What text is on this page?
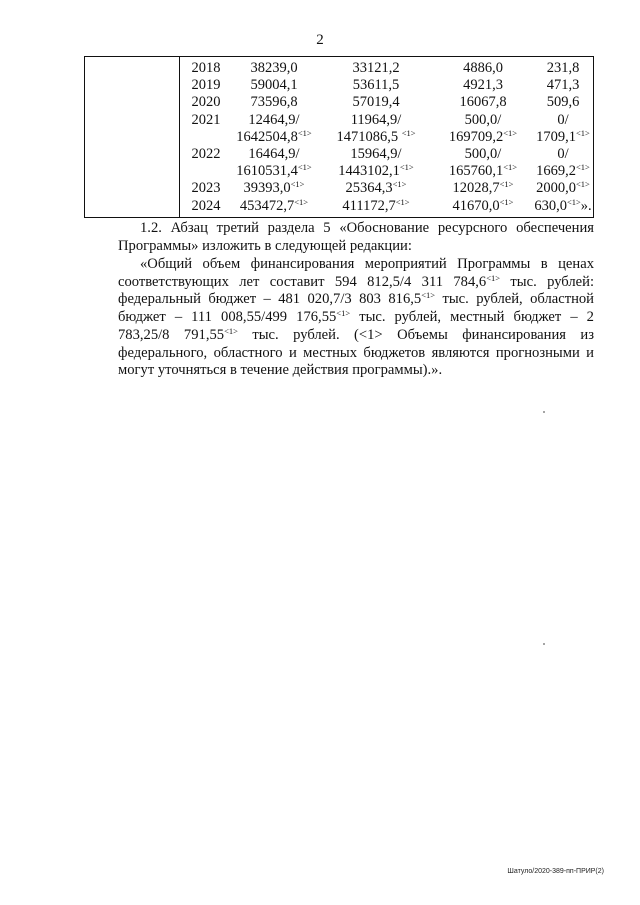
2
2018	38239,0	33121,2	4886,0	231,8
2019	59004,1	53611,5	4921,3	471,3
2020	73596,8	57019,4	16067,8	509,6
2021	12464,9/	11964,9/	500,0/	0/
$1642504,8^{<1>}$	1471086,5 $^{<1>}$	$169709,2^{<1>}$	$1709,1^{<1>}$
2022	16464,9/	15964,9/	500,0/	0/
$1610531,4^{<1>}$	$1443102,1^{<1>}$	$165760,1^{<1>}$	$1669,2^{<1>}$
2023	$39393,0^{<1>}$	$25364,3^{<1>}$	$12028,7^{<1>}$	$2000,0^{<1>}$
2024	$453472,7^{<1>}$	$411172,7^{<1>}$	$41670,0^{<1>}$	$630,0^{<1>}$».

1.2. Абзац третий раздела 5 «Обоснование ресурсного обеспечения Программы» изложить в следующей редакции:

«Общий объем финансирования мероприятий Программы в ценах соответствующих лет составит 594 812,5/4 311 $784,6^{<1>}$ тыс. рублей: федеральный бюджет – 481 020,7/3 803 $816,5^{<1>}$ тыс. рублей, областной бюджет – 111 008,55/499 $176,55^{<1>}$ тыс. рублей, местный бюджет – 2 783,25/8 $791,55^{<1>}$ тыс. рублей. (<1> Объемы финансирования из федерального, областного и местных бюджетов являются прогнозными и могут уточняться в течение действия программы).».

Шатуло/2020-389-пп-ПРИР(2)
